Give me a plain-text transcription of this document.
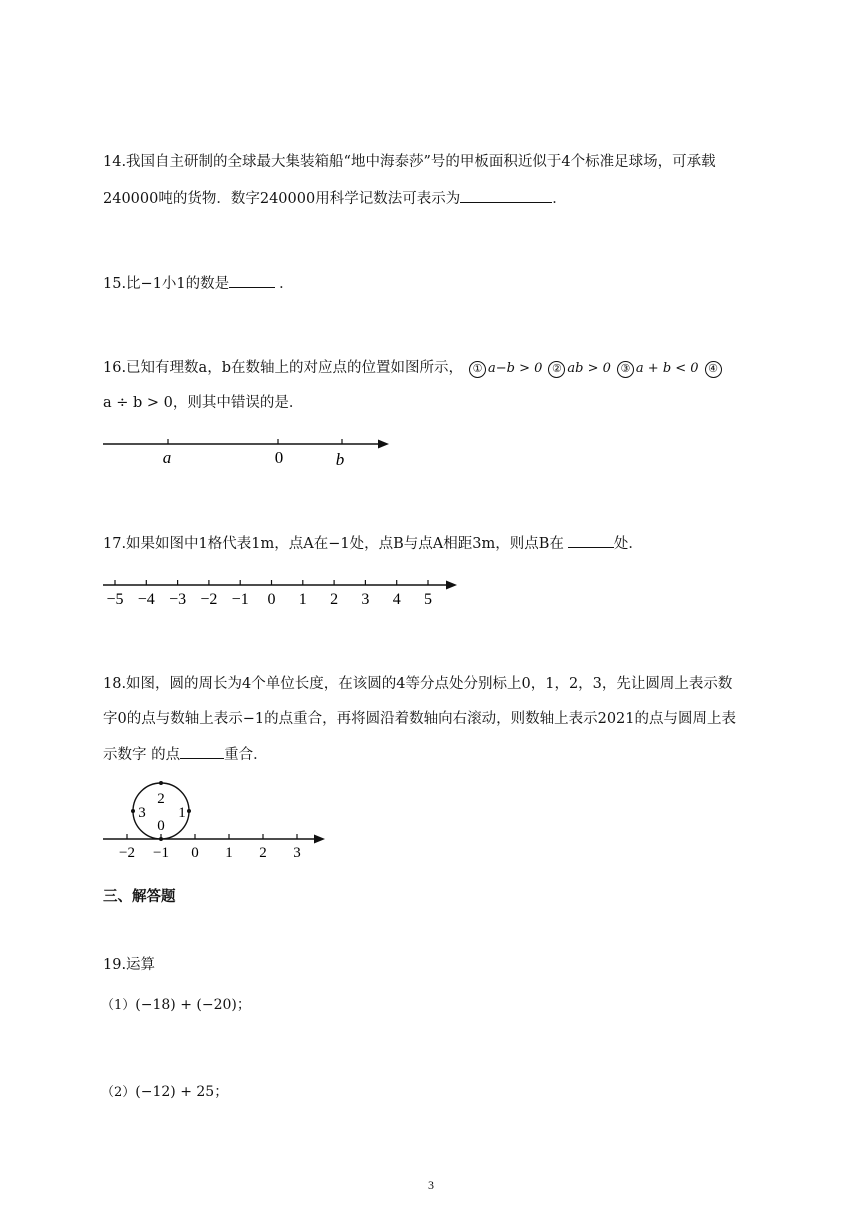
14.我国自主研制的全球最大集装箱船“地中海泰莎”号的甲板面积近似于4个标准足球场，可承载
240000吨的货物．数字240000用科学记数法可表示为	．
15.比−1小1的数是	．
16.已知有理数a，b在数轴上的对应点的位置如图所示， ① a−b > 0 ② ab > 0 ③ a + b < 0 ④
a ÷ b > 0，则其中错误的是．
a	0	b
17.如果如图中1格代表1m，点A在−1处，点B与点A相距3m，则点B在	处．
−5 −4 −3 −2 −1 0 1 2 3 4 5
18.如图，圆的周长为4个单位长度，在该圆的4等分点处分别标上0，1，2，3，先让圆周上表示数
字0的点与数轴上表示−1的点重合，再将圆沿着数轴向右滚动，则数轴上表示2021的点与圆周上表
示数字 的点	重合．
2
3 1
0
−2 −1 0 1 2 3
三、解答题
19.运算
（1）(−18) + (−20)；
（2）(−12) + 25；
3
